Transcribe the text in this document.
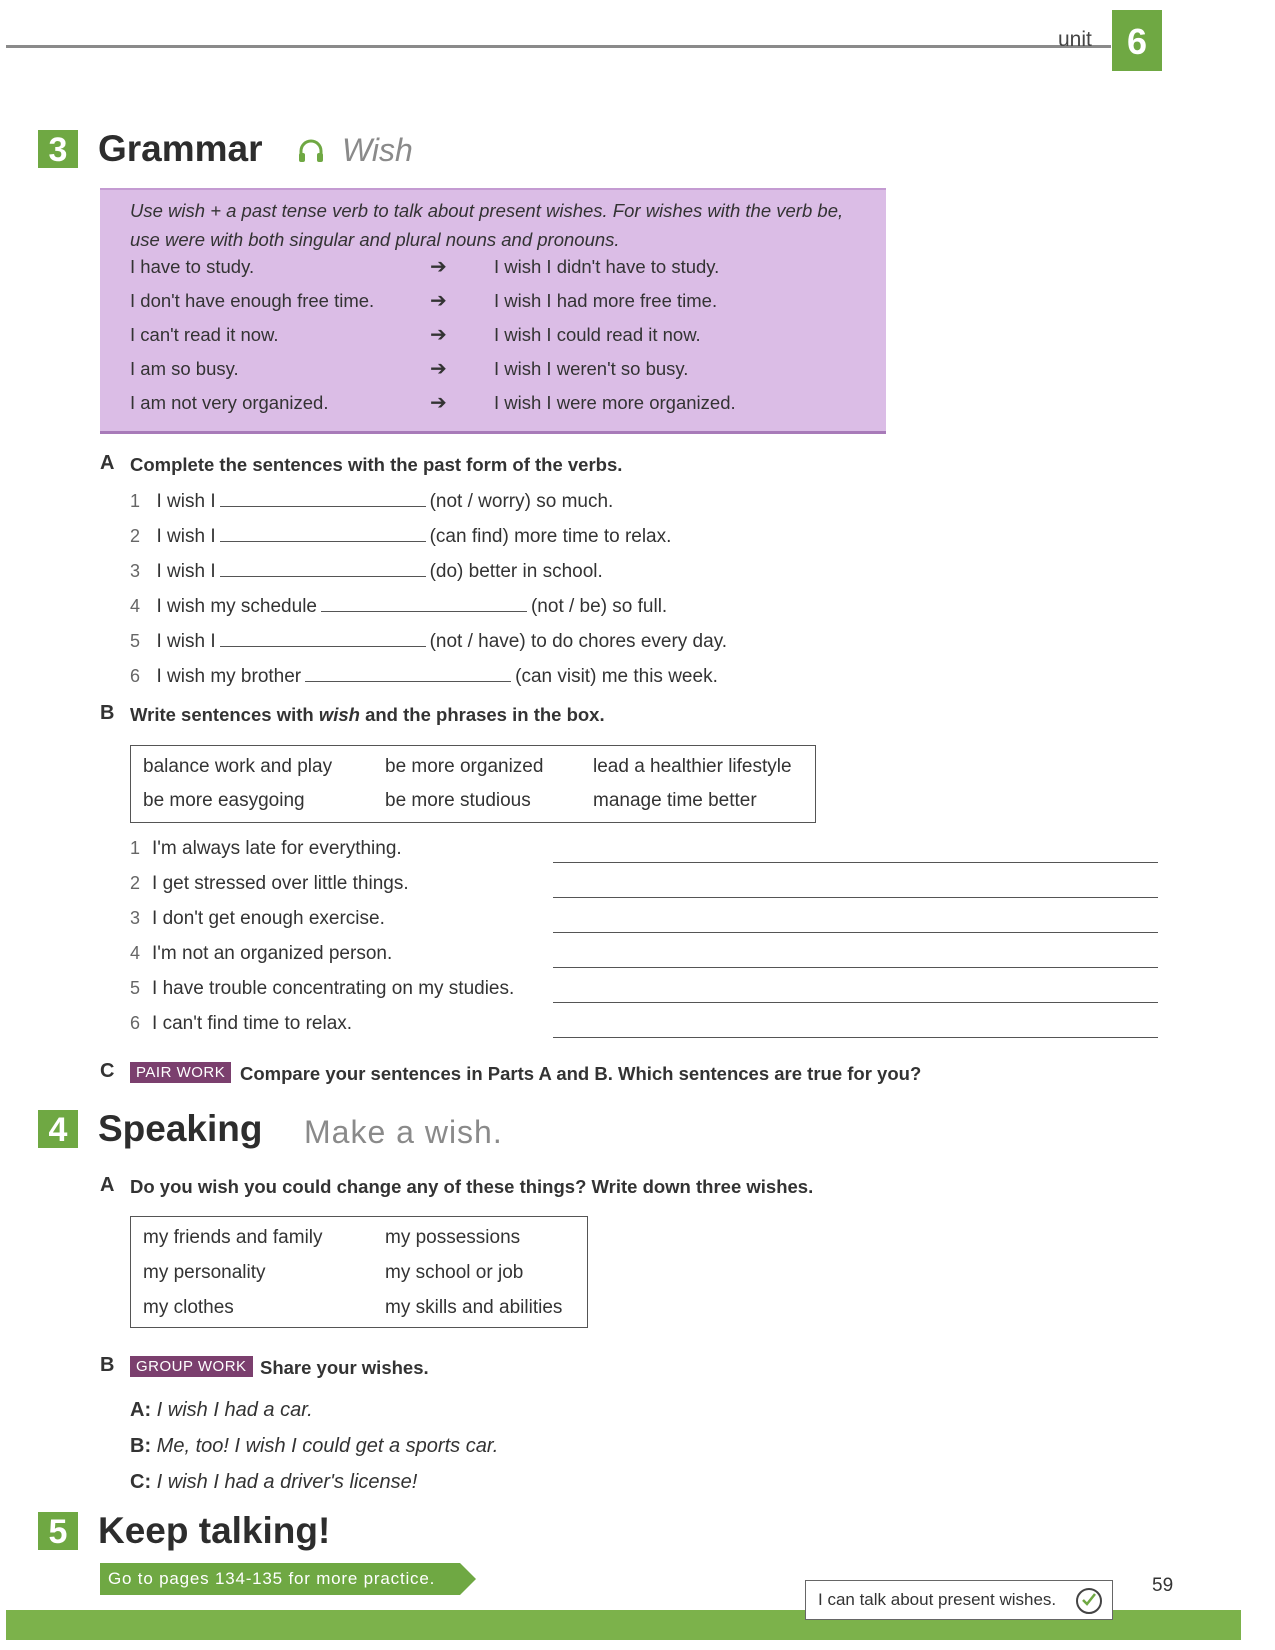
unit 6
3 Grammar Wish
Use wish + a past tense verb to talk about present wishes. For wishes with the verb be,
use were with both singular and plural nouns and pronouns.
I have to study.	➔	I wish I didn't have to study.
I don't have enough free time.	➔	I wish I had more free time.
I can't read it now.	➔	I wish I could read it now.
I am so busy.	➔	I wish I weren't so busy.
I am not very organized.	➔	I wish I were more organized.
A Complete the sentences with the past form of the verbs.
1 I wish I	(not / worry) so much.
2 I wish I	(can find) more time to relax.
3 I wish I	(do) better in school.
4 I wish my schedule	(not / be) so full.
5 I wish I	(not / have) to do chores every day.
6 I wish my brother	(can visit) me this week.
B Write sentences with wish and the phrases in the box.
balance work and play	be more organized	lead a healthier lifestyle
be more easygoing	be more studious	manage time better
1 I'm always late for everything.
2 I get stressed over little things.
3 I don't get enough exercise.
4 I'm not an organized person.
5 I have trouble concentrating on my studies.
6 I can't find time to relax.
C	PAIR WORK Compare your sentences in Parts A and B. Which sentences are true for you?
4 Speaking Make a wish.
A Do you wish you could change any of these things? Write down three wishes.
my friends and family	my possessions
my personality	my school or job
my clothes	my skills and abilities
B	GROUP WORK Share your wishes.
A: I wish I had a car.
B: Me, too! I wish I could get a sports car.
C: I wish I had a driver's license!
5 Keep talking!
Go to pages 134-135 for more practice.
I can talk about present wishes.
59
